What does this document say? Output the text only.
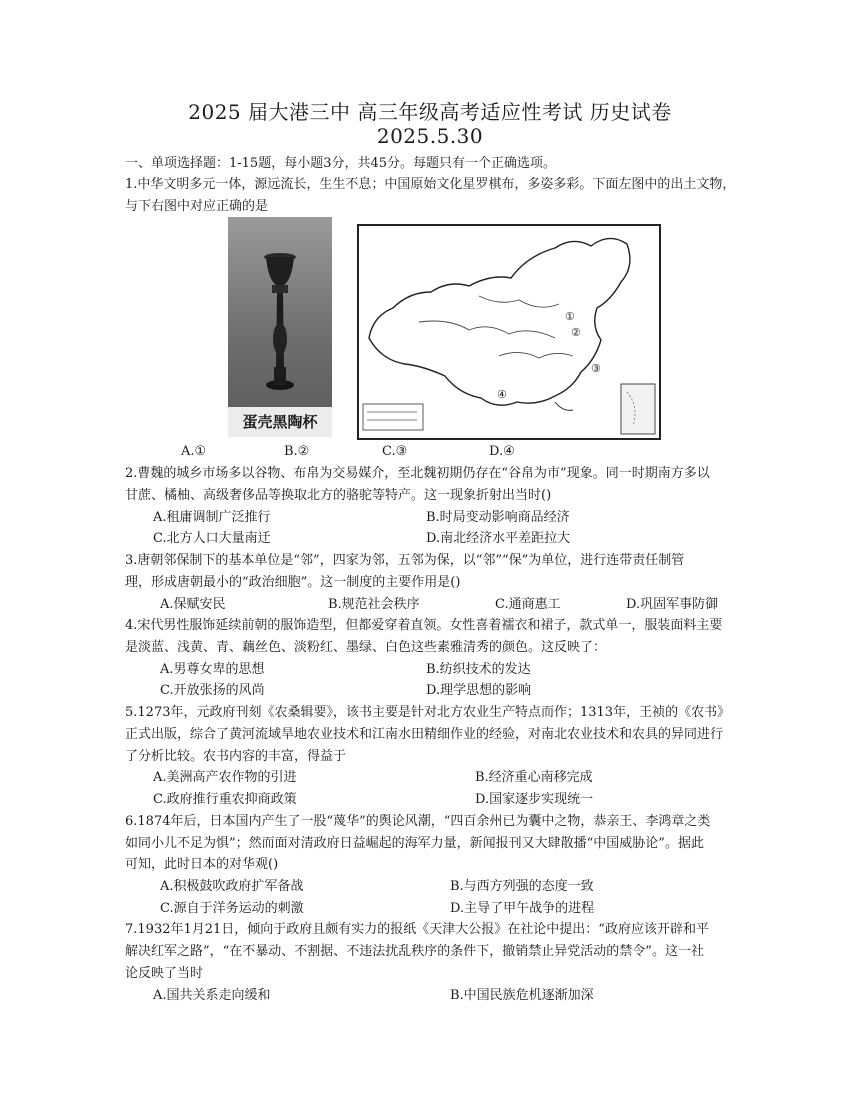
2025 届大港三中 高三年级高考适应性考试 历史试卷
2025.5.30
一、单项选择题：1-15题，每小题3分，共45分。每题只有一个正确选项。
1.中华文明多元一体，源远流长，生生不息；中国原始文化星罗棋布，多姿多彩。下面左图中的出土文物，
与下右图中对应正确的是
蛋壳黑陶杯
①
②
③
④
A.①	B.②	C.③	D.④
2.曹魏的城乡市场多以谷物、布帛为交易媒介，至北魏初期仍存在“谷帛为市”现象。同一时期南方多以
甘蔗、橘柚、高级奢侈品等换取北方的骆驼等特产。这一现象折射出当时()
A.租庸调制广泛推行	B.时局变动影响商品经济
C.北方人口大量南迁	D.南北经济水平差距拉大
3.唐朝邻保制下的基本单位是“邻”，四家为邻，五邻为保，以“邻”“保”为单位，进行连带责任制管
理，形成唐朝最小的“政治细胞”。这一制度的主要作用是()
A.保赋安民	B.规范社会秩序	C.通商惠工	D.巩固军事防御
4.宋代男性服饰延续前朝的服饰造型，但都爱穿着直领。女性喜着襦衣和裙子，款式单一，服装面料主要
是淡蓝、浅黄、青、藕丝色、淡粉红、墨绿、白色这些素雅清秀的颜色。这反映了：
A.男尊女卑的思想	B.纺织技术的发达
C.开放张扬的风尚	D.理学思想的影响
5.1273年，元政府刊刻《农桑辑要》，该书主要是针对北方农业生产特点而作；1313年，王祯的《农书》
正式出版，综合了黄河流域旱地农业技术和江南水田精细作业的经验，对南北农业技术和农具的异同进行
了分析比较。农书内容的丰富，得益于
A.美洲高产农作物的引进	B.经济重心南移完成
C.政府推行重农抑商政策	D.国家逐步实现统一
6.1874年后，日本国内产生了一股“蔑华”的舆论风潮，“四百余州已为囊中之物，恭亲王、李鸿章之类
如同小儿不足为惧”；然而面对清政府日益崛起的海军力量，新闻报刊又大肆散播“中国威胁论”。据此
可知，此时日本的对华观()
A.积极鼓吹政府扩军备战	B.与西方列强的态度一致
C.源自于洋务运动的刺激	D.主导了甲午战争的进程
7.1932年1月21日，倾向于政府且颇有实力的报纸《天津大公报》在社论中提出：“政府应该开辟和平
解决红军之路”，“在不暴动、不割据、不违法扰乱秩序的条件下，撤销禁止异党活动的禁令”。这一社
论反映了当时
A.国共关系走向缓和	B.中国民族危机逐渐加深
